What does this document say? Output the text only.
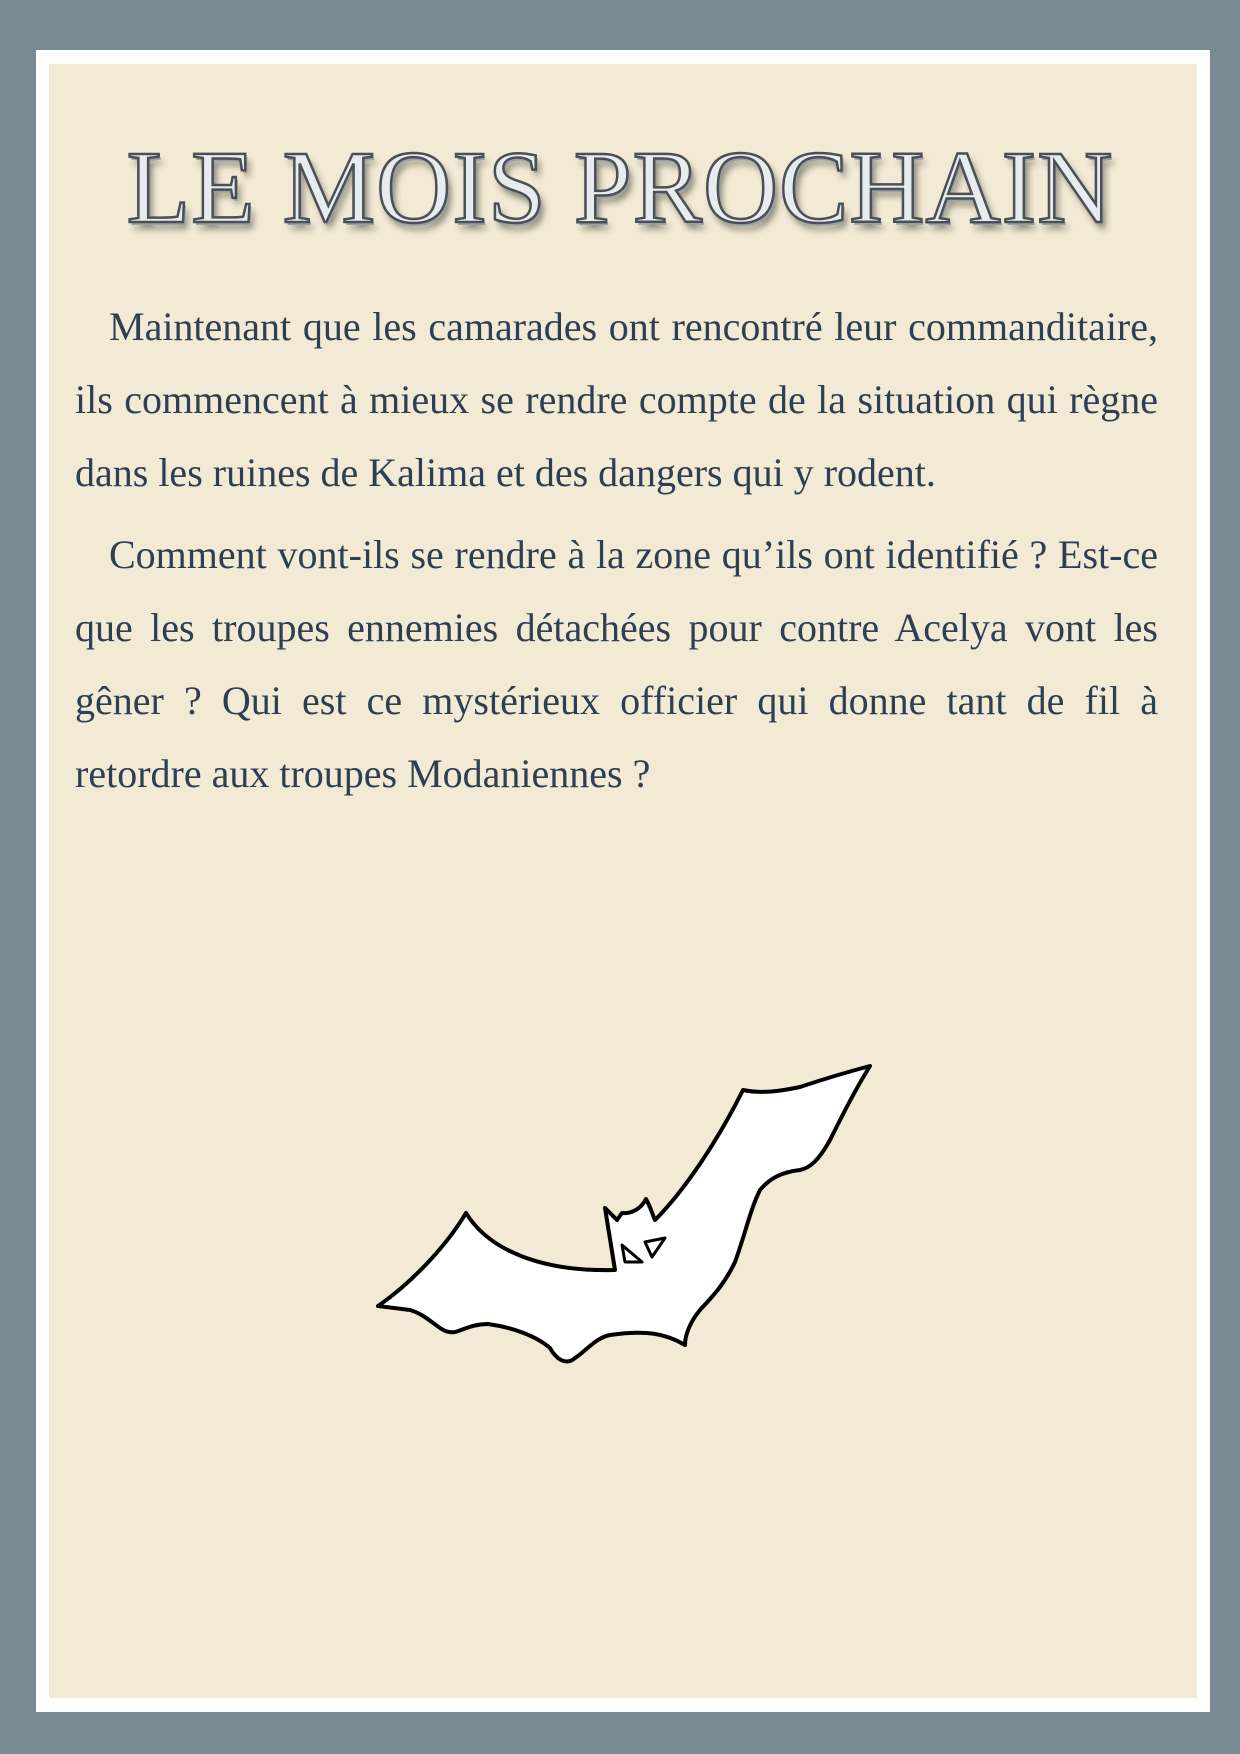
LE MOIS PROCHAIN

Maintenant que les camarades ont rencontré leur commanditaire, ils commencent à mieux se rendre compte de la situation qui règne dans les ruines de Kalima et des dangers qui y rodent.

Comment vont-ils se rendre à la zone qu’ils ont identifié ? Est-ce que les troupes ennemies détachées pour contre Acelya vont les gêner ? Qui est ce mystérieux officier qui donne tant de fil à retordre aux troupes Modaniennes ?
